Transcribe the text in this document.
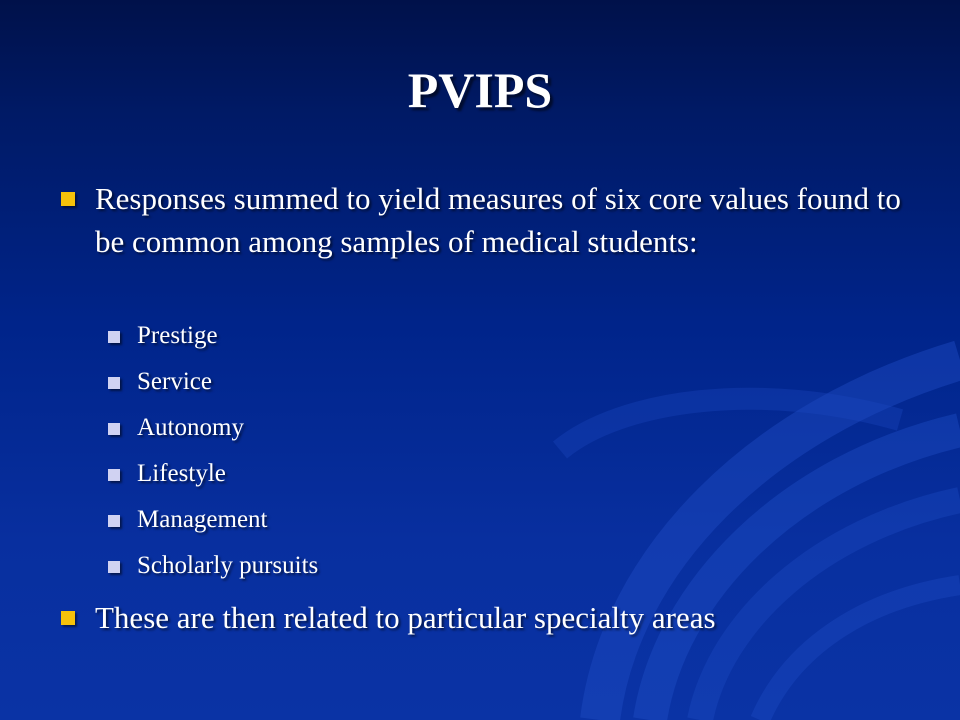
PVIPS
Responses summed to yield measures of six core values found to be common among samples of medical students:
Prestige
Service
Autonomy
Lifestyle
Management
Scholarly pursuits
These are then related to particular specialty areas
